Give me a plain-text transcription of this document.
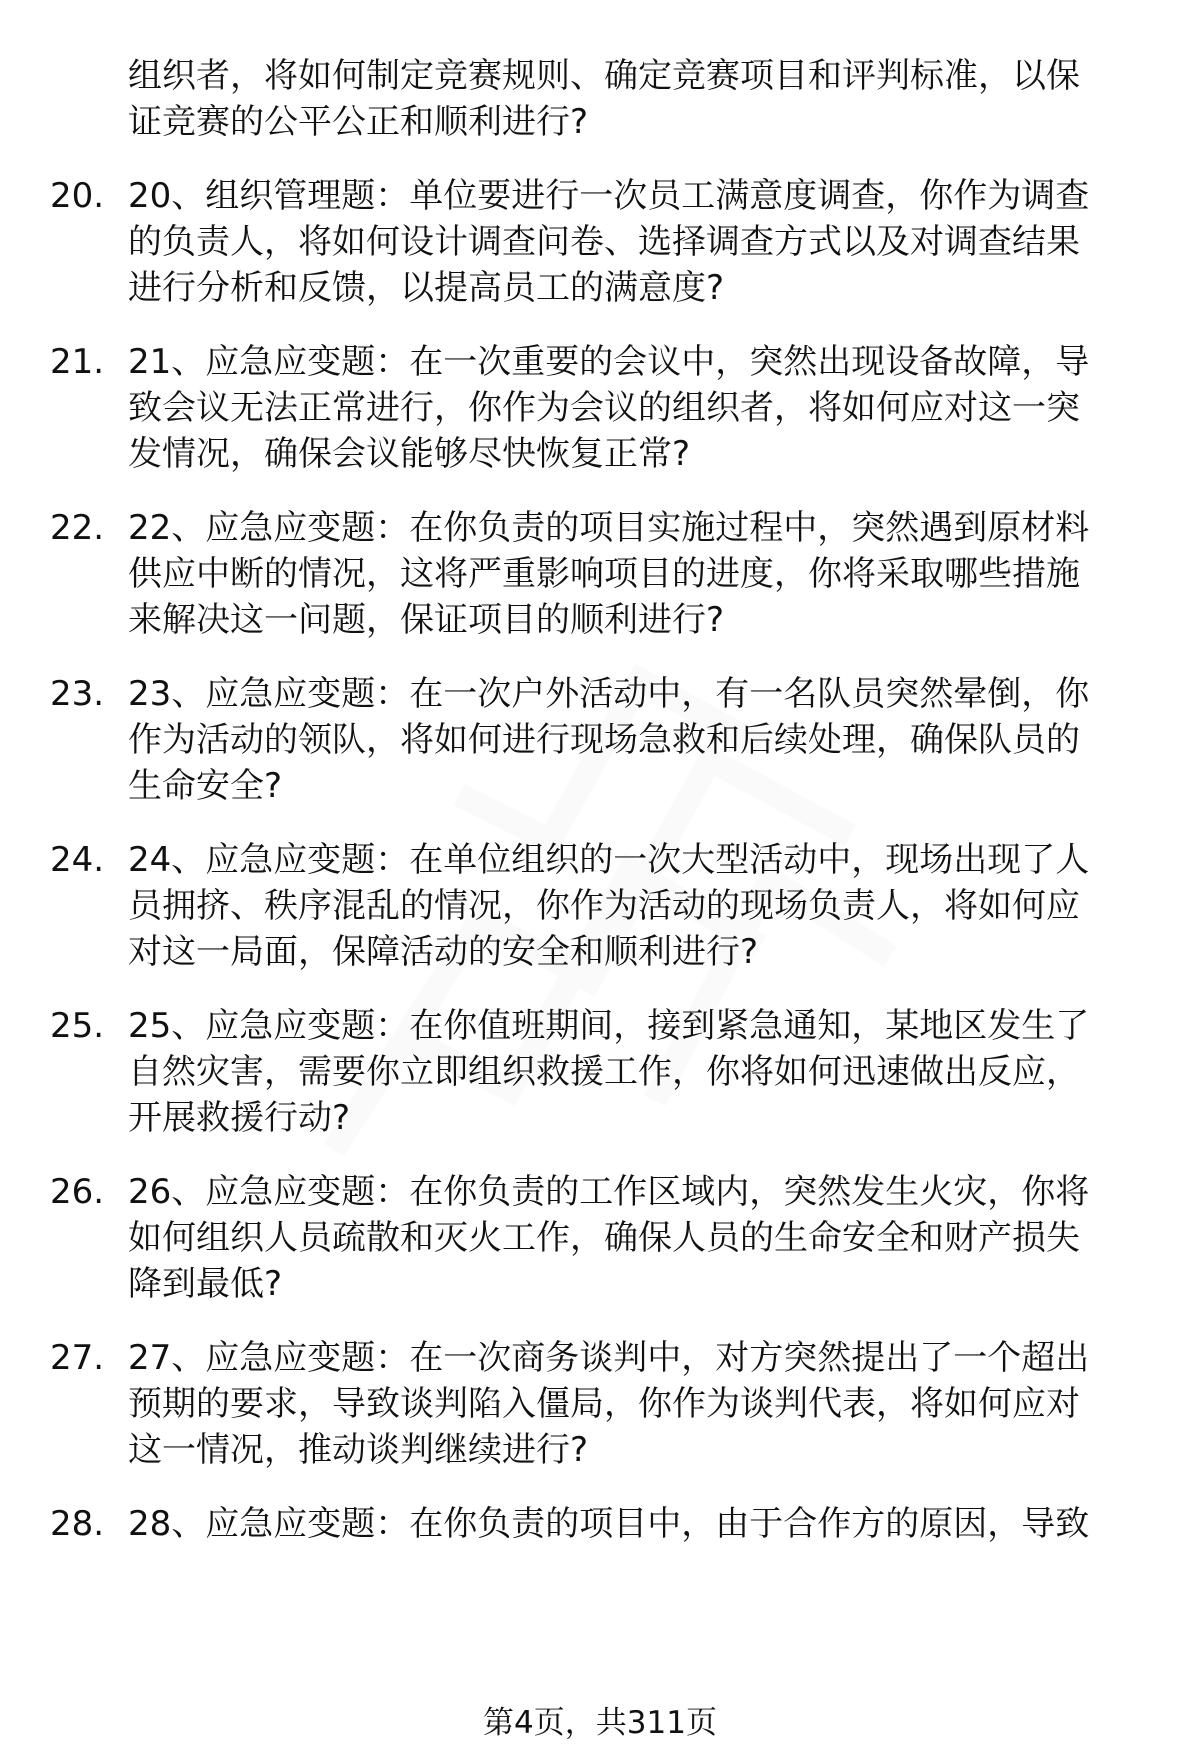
组织者，将如何制定竞赛规则、确定竞赛项目和评判标准，以保
证竞赛的公平公正和顺利进行?
20. 20、组织管理题：单位要进行一次员工满意度调查，你作为调查
的负责人，将如何设计调查问卷、选择调查方式以及对调查结果
进行分析和反馈，以提高员工的满意度?
21. 21、应急应变题：在一次重要的会议中，突然出现设备故障，导
致会议无法正常进行，你作为会议的组织者，将如何应对这一突
发情况，确保会议能够尽快恢复正常?
22. 22、应急应变题：在你负责的项目实施过程中，突然遇到原材料
供应中断的情况，这将严重影响项目的进度，你将采取哪些措施
来解决这一问题，保证项目的顺利进行?
23. 23、应急应变题：在一次户外活动中，有一名队员突然晕倒，你
作为活动的领队，将如何进行现场急救和后续处理，确保队员的
生命安全?
24. 24、应急应变题：在单位组织的一次大型活动中，现场出现了人
员拥挤、秩序混乱的情况，你作为活动的现场负责人，将如何应
对这一局面，保障活动的安全和顺利进行?
25. 25、应急应变题：在你值班期间，接到紧急通知，某地区发生了
自然灾害，需要你立即组织救援工作，你将如何迅速做出反应，
开展救援行动?
26. 26、应急应变题：在你负责的工作区域内，突然发生火灾，你将
如何组织人员疏散和灭火工作，确保人员的生命安全和财产损失
降到最低?
27. 27、应急应变题：在一次商务谈判中，对方突然提出了一个超出
预期的要求，导致谈判陷入僵局，你作为谈判代表，将如何应对
这一情况，推动谈判继续进行?
28. 28、应急应变题：在你负责的项目中，由于合作方的原因，导致
第4页，共311页
